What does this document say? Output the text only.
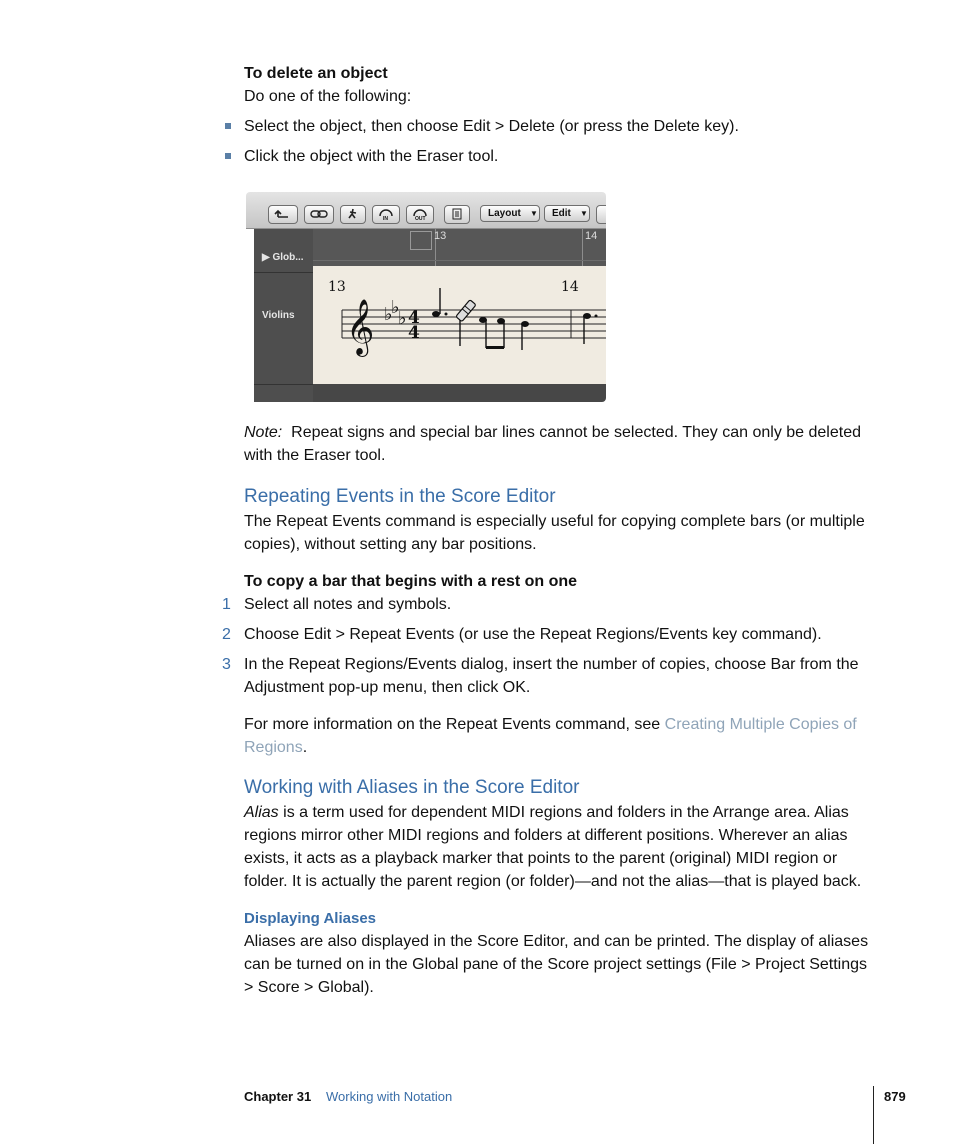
To delete an object
Do one of the following:
Select the object, then choose Edit > Delete (or press the Delete key).
Click the object with the Eraser tool.
IN	OUT	Layout ▼	Edit ▼
▶ Glob...
Violins
13	14
13	14
𝄞 ♭
♭
♭ 4
4
Note: Repeat signs and special bar lines cannot be selected. They can only be deleted with the Eraser tool.
Repeating Events in the Score Editor
The Repeat Events command is especially useful for copying complete bars (or multiple copies), without setting any bar positions.
To copy a bar that begins with a rest on one
1 Select all notes and symbols.
2 Choose Edit > Repeat Events (or use the Repeat Regions/Events key command).
3 In the Repeat Regions/Events dialog, insert the number of copies, choose Bar from the Adjustment pop-up menu, then click OK.
For more information on the Repeat Events command, see Creating Multiple Copies of Regions.
Working with Aliases in the Score Editor
Alias is a term used for dependent MIDI regions and folders in the Arrange area. Alias regions mirror other MIDI regions and folders at different positions. Wherever an alias exists, it acts as a playback marker that points to the parent (original) MIDI region or folder. It is actually the parent region (or folder)—and not the alias—that is played back.
Displaying Aliases
Aliases are also displayed in the Score Editor, and can be printed. The display of aliases can be turned on in the Global pane of the Score project settings (File > Project Settings > Score > Global).
Chapter 31 Working with Notation	879
